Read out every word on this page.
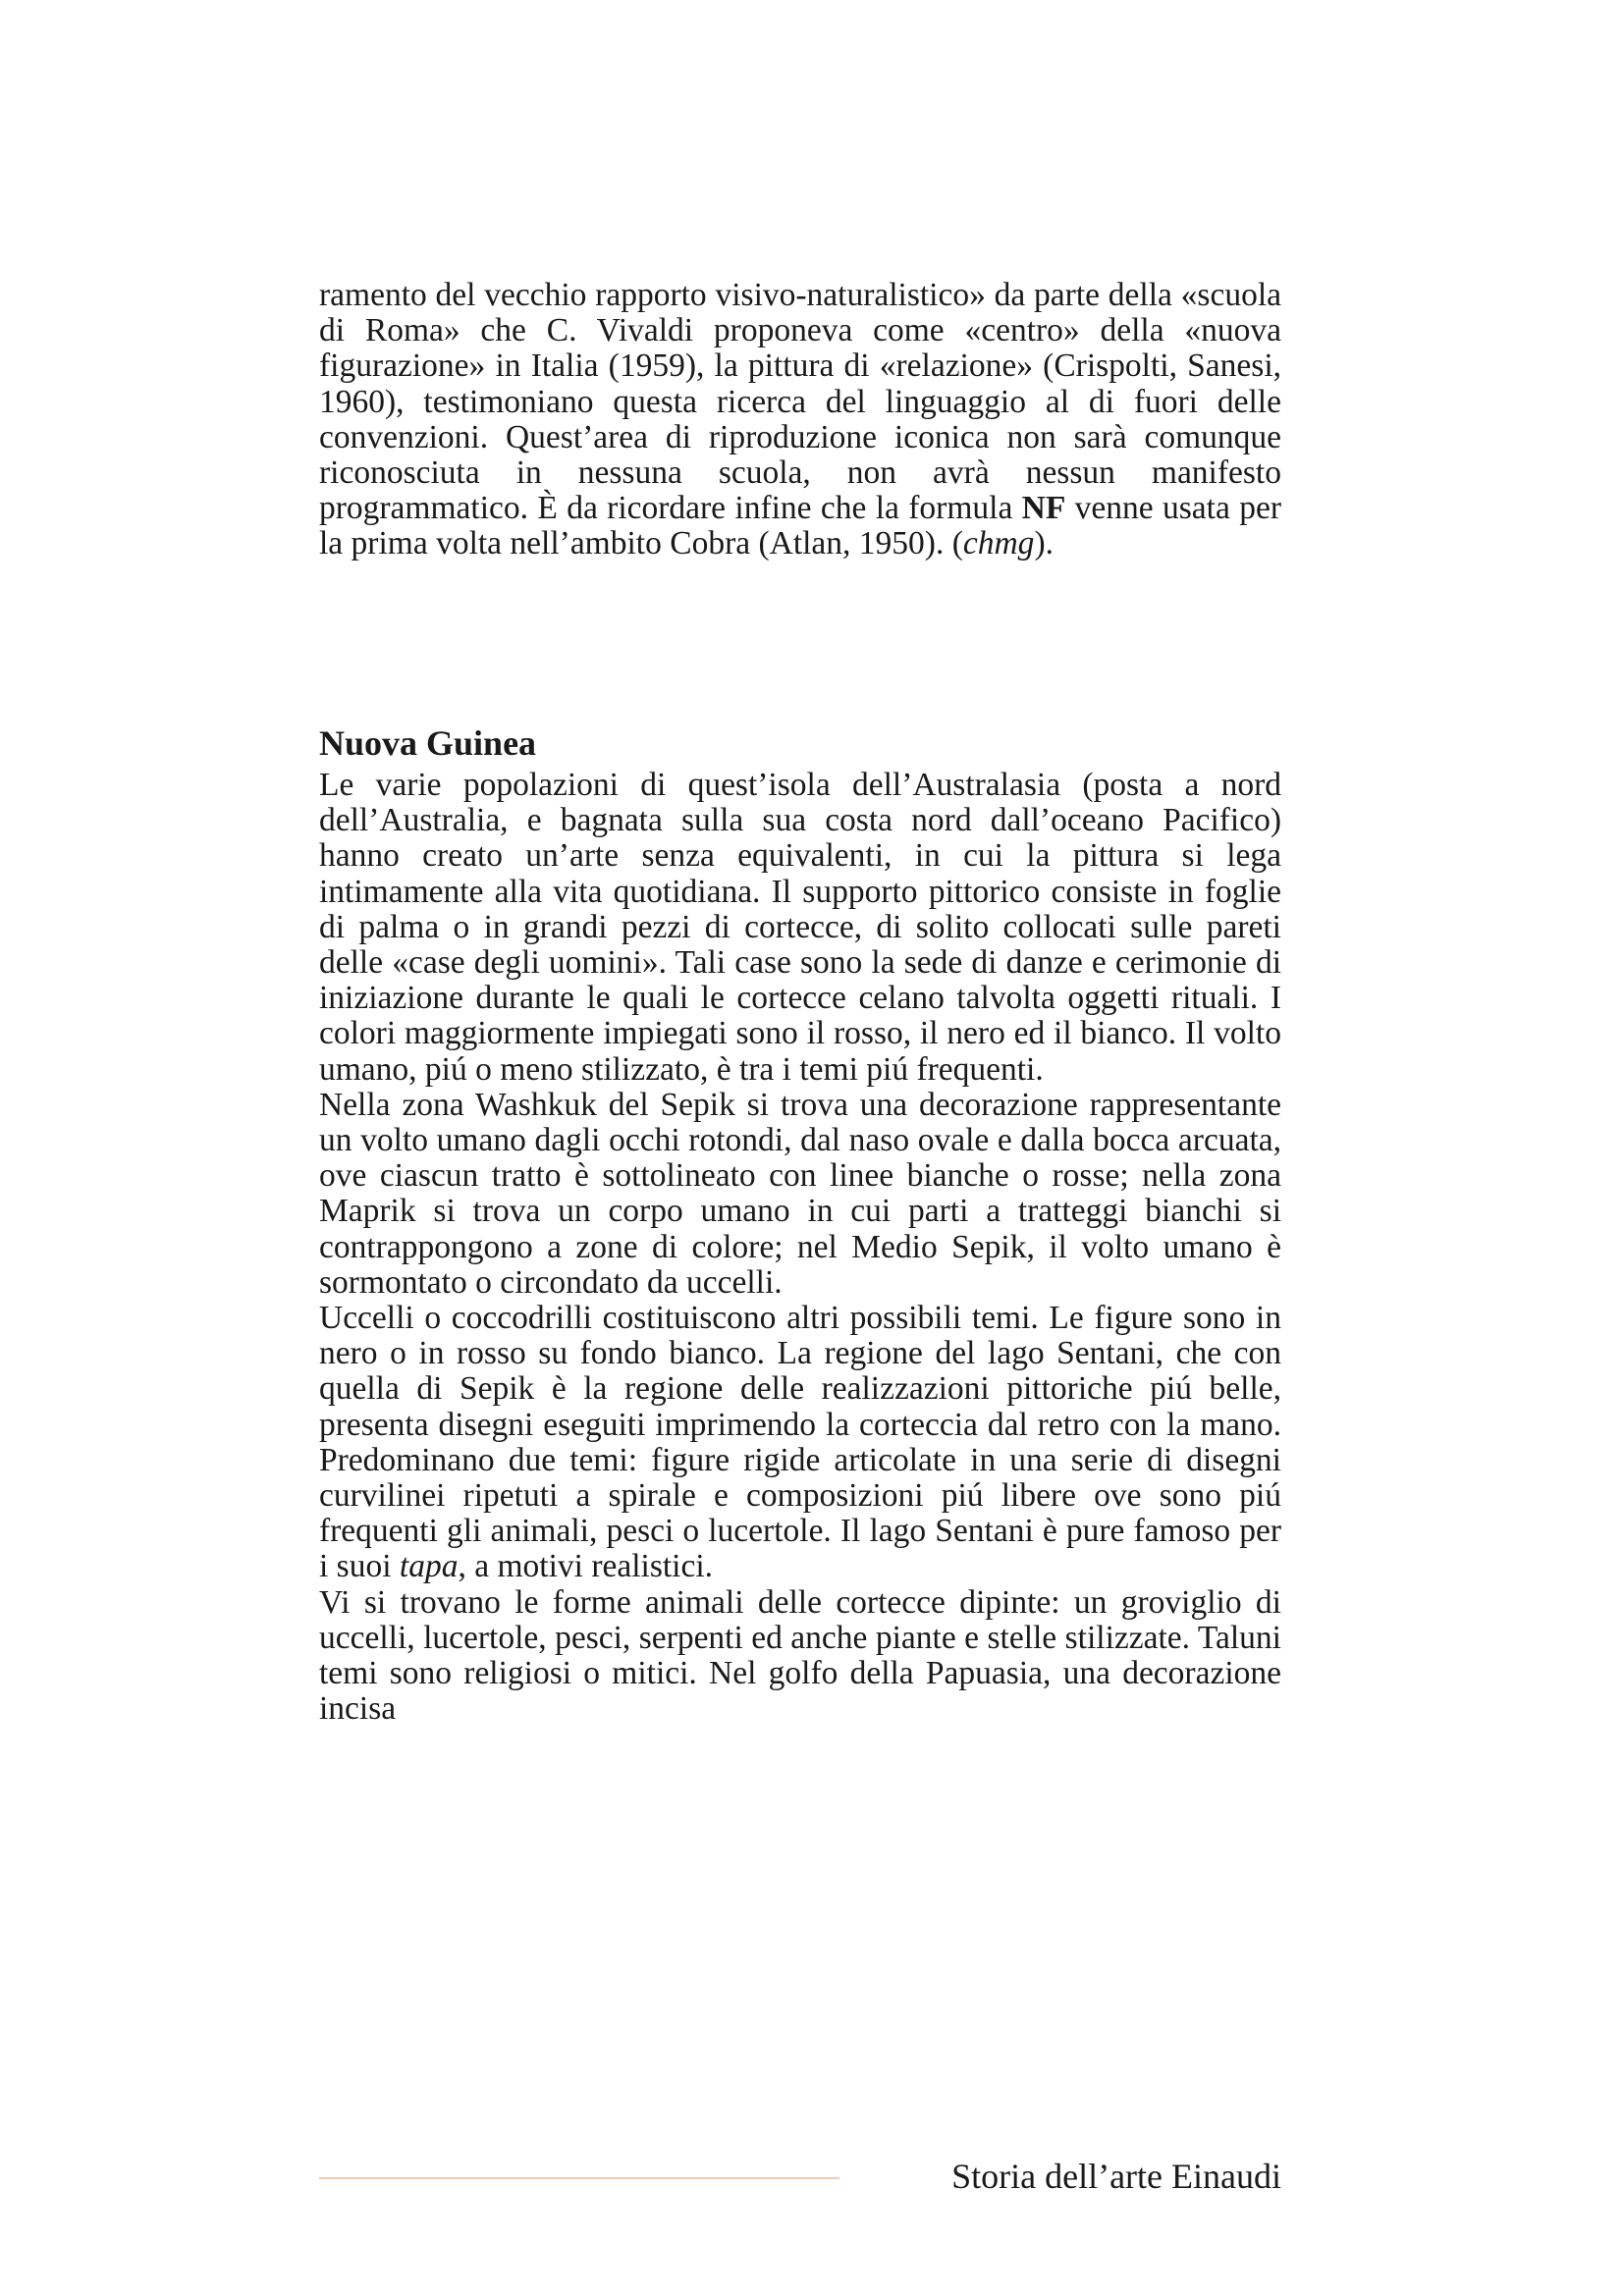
ramento del vecchio rapporto visivo-naturalistico» da parte della «scuola di Roma» che C. Vivaldi proponeva come «centro» della «nuova figurazione» in Italia (1959), la pittura di «relazione» (Crispolti, Sanesi, 1960), testimoniano questa ricerca del linguaggio al di fuori delle convenzioni. Quest’area di riproduzione iconica non sarà comunque riconosciuta in nessuna scuola, non avrà nessun manifesto programmatico. È da ricordare infine che la formula NF venne usata per la prima volta nell’ambito Cobra (Atlan, 1950). (chmg).

Nuova Guinea

Le varie popolazioni di quest’isola dell’Australasia (posta a nord dell’Australia, e bagnata sulla sua costa nord dall’oceano Pacifico) hanno creato un’arte senza equivalenti, in cui la pittura si lega intimamente alla vita quotidiana. Il supporto pittorico consiste in foglie di palma o in grandi pezzi di cortecce, di solito collocati sulle pareti delle «case degli uomini». Tali case sono la sede di danze e cerimonie di iniziazione durante le quali le cortecce celano talvolta oggetti rituali. I colori maggiormente impiegati sono il rosso, il nero ed il bianco. Il volto umano, piú o meno stilizzato, è tra i temi piú frequenti.

Nella zona Washkuk del Sepik si trova una decorazione rappresentante un volto umano dagli occhi rotondi, dal naso ovale e dalla bocca arcuata, ove ciascun tratto è sottolineato con linee bianche o rosse; nella zona Maprik si trova un corpo umano in cui parti a tratteggi bianchi si contrappongono a zone di colore; nel Medio Sepik, il volto umano è sormontato o circondato da uccelli.

Uccelli o coccodrilli costituiscono altri possibili temi. Le figure sono in nero o in rosso su fondo bianco. La regione del lago Sentani, che con quella di Sepik è la regione delle realizzazioni pittoriche piú belle, presenta disegni eseguiti imprimendo la corteccia dal retro con la mano. Predominano due temi: figure rigide articolate in una serie di disegni curvilinei ripetuti a spirale e composizioni piú libere ove sono piú frequenti gli animali, pesci o lucertole. Il lago Sentani è pure famoso per i suoi tapa, a motivi realistici.

Vi si trovano le forme animali delle cortecce dipinte: un groviglio di uccelli, lucertole, pesci, serpenti ed anche piante e stelle stilizzate. Taluni temi sono religiosi o mitici. Nel golfo della Papuasia, una decorazione incisa

Storia dell’arte Einaudi
